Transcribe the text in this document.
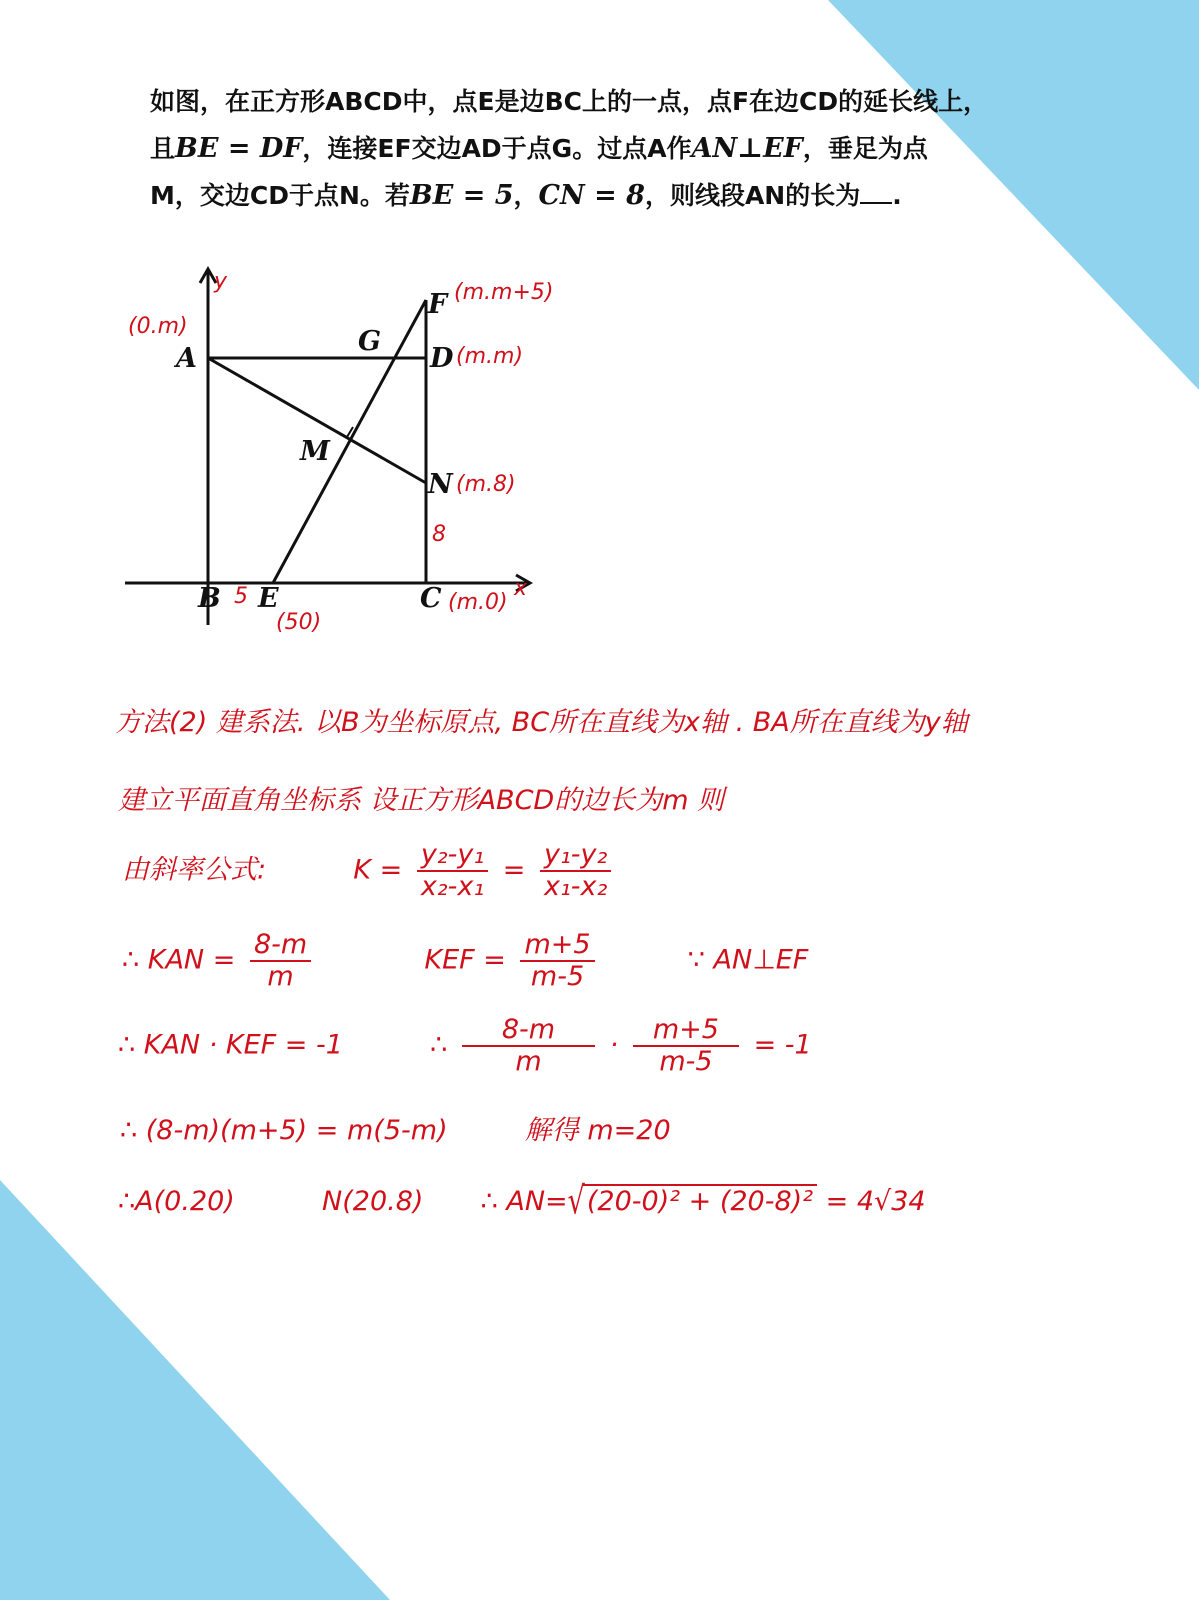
如图，在正方形ABCD中，点E是边BC上的一点，点F在边CD的延长线上，
且BE = DF，连接EF交边AD于点G。过点A作AN⊥EF，垂足为点
M，交边CD于点N。若BE = 5，CN = 8，则线段AN的长为 .
A	D
G
F
M
N
B E	C
y
x
(0.m)
(m.m)
(m.m+5)
(m.8)
(m.0)
(50)
5
8
方法(2) 建系法. 以B为坐标原点, BC所在直线为x轴 . BA所在直线为y轴
建立平面直角坐标系 设正方形ABCD的边长为m 则
由斜率公式:	$K = \frac{\text{y₂-y₁}}{\text{x₂-x₁}} = \frac{\text{y₁-y₂}}{\text{x₁-x₂}}$
∴ KAN = $\frac{8-m}{m}$	KEF = $\frac{m+5}{m-5}$	∵ AN⊥EF
∴ KAN · KEF = -1	∴ $\frac{8-m}{m} \cdot \frac{m+5}{m-5} = -1$
∴ (8-m)(m+5) = m(5-m)	解得 m=20
∴A(0.20)	N(20.8) ∴ AN=√(20-0)² + (20-8)² = 4√34
